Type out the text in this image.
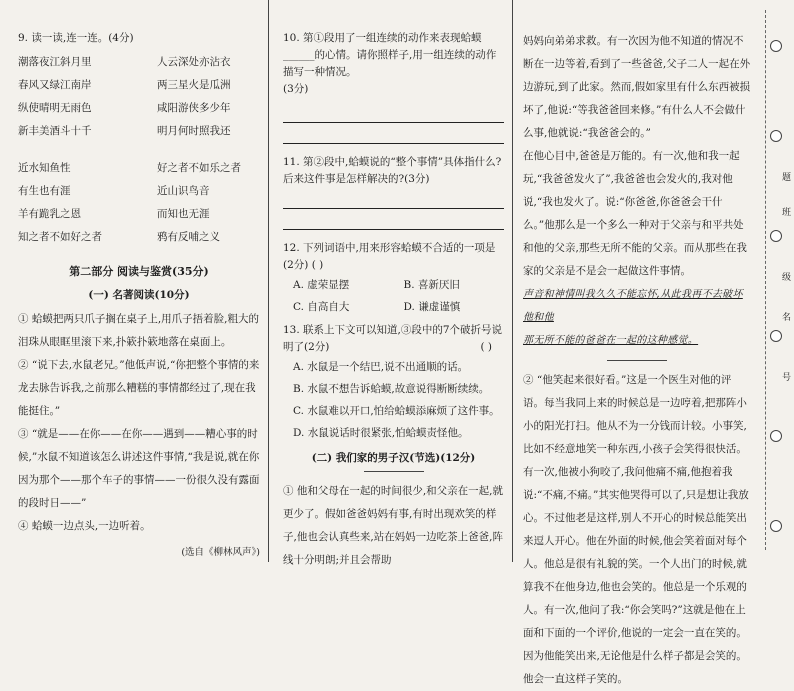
9. 读一读,连一连。(4分)

潮落夜江斜月里	人云深处亦沾衣
春风又绿江南岸	两三星火是瓜洲
纵使晴明无雨色	咸阳游侠多少年
新丰美酒斗十千	明月何时照我还
近水知鱼性	好之者不如乐之者
有生也有涯	近山识鸟音
羊有跪乳之恩	而知也无涯
知之者不如好之者	鸦有反哺之义

第二部分 阅读与鉴赏(35分)

(一) 名著阅读(10分)

① 蛤蟆把两只爪子搁在桌子上,用爪子捂着脸,粗大的泪珠从眼眶里滚下来,扑簌扑簌地落在桌面上。

② “说下去,水鼠老兄。”他低声说,“你把整个事情的来龙去脉告诉我,之前那么糟糕的事情都经过了,现在我能挺住。”

③ “就是——在你——在你——遇到——糟心事的时候,”水鼠不知道该怎么讲述这件事情,“我是说,就在你因为那个——那个车子的事情——一份很久没有露面的段时日——”

④ 蛤蟆一边点头,一边听着。

(选自《柳林风声》)

10. 第①段用了一组连续的动作来表现蛤蟆______的心情。请你照样子,用一组连续的动作描写一种情况。

(3分)

11. 第②段中,蛤蟆说的“整个事情”具体指什么?后来这件事是怎样解决的?(3分)

12. 下列词语中,用来形容蛤蟆不合适的一项是(2分) ( )

A. 虚荣显摆	B. 喜新厌旧
C. 自高自大	D. 谦虚谨慎

13. 联系上下文可以知道,③段中的7个破折号说明了(2分)	( )

A. 水鼠是一个结巴,说不出通顺的话。

B. 水鼠不想告诉蛤蟆,故意说得断断续续。

C. 水鼠难以开口,怕给蛤蟆添麻烦了这件事。

D. 水鼠说话时很紧张,怕蛤蟆责怪他。

(二) 我们家的男子汉(节选)(12分)

① 他和父母在一起的时间很少,和父亲在一起,就更少了。假如爸爸妈妈有事,有时出现欢笑的样子,他也会认真些来,站在妈妈一边吃茶上爸爸,阵线十分明朗;并且会帮助

妈妈向弟弟求救。有一次因为他不知道的情况不断在一边等着,看到了一些爸爸,父子二人一起在外边游玩,到了此家。然而,假如家里有什么东西被损坏了,他说:“等我爸爸回来修。”有什么人不会做什么事,他就说:“我爸爸会的。”

在他心目中,爸爸是万能的。有一次,他和我一起玩,“我爸爸发火了”,我爸爸也会发火的,我对他说,“我也发火了。说:“你爸爸,你爸爸会干什么。”他那么是一个多么一种对于父亲与和平共处和他的父亲,那些无所不能的父亲。而从那些在我家的父亲是不是会一起做这件事情。

声音和神情叫我久久不能忘怀,从此我再不去破坏他和他

那无所不能的爸爸在一起的这种感觉。

② “他笑起来很好看。”这是一个医生对他的评语。每当我同上来的时候总是一边哼着,把那阵小小的阳光打扫。他从不为一分钱而计较。小事笑,比如不经意地笑一种东西,小孩子会笑得很快活。有一次,他被小狗咬了,我问他痛不痛,他抱着我说:“不痛,不痛。”其实他哭得可以了,只是想让我放心。不过他老是这样,别人不开心的时候总能笑出来逗人开心。他在外面的时候,他会笑着面对每个人。他总是很有礼貌的笑。一个人出门的时候,就算我不在他身边,他也会笑的。他总是一个乐观的人。有一次,他问了我:“你会笑吗?”这就是他在上面和下面的一个评价,他说的一定会一直在笑的。因为他能笑出来,无论他是什么样子都是会笑的。他会一直这样子笑的。

题
班
级
名
号
